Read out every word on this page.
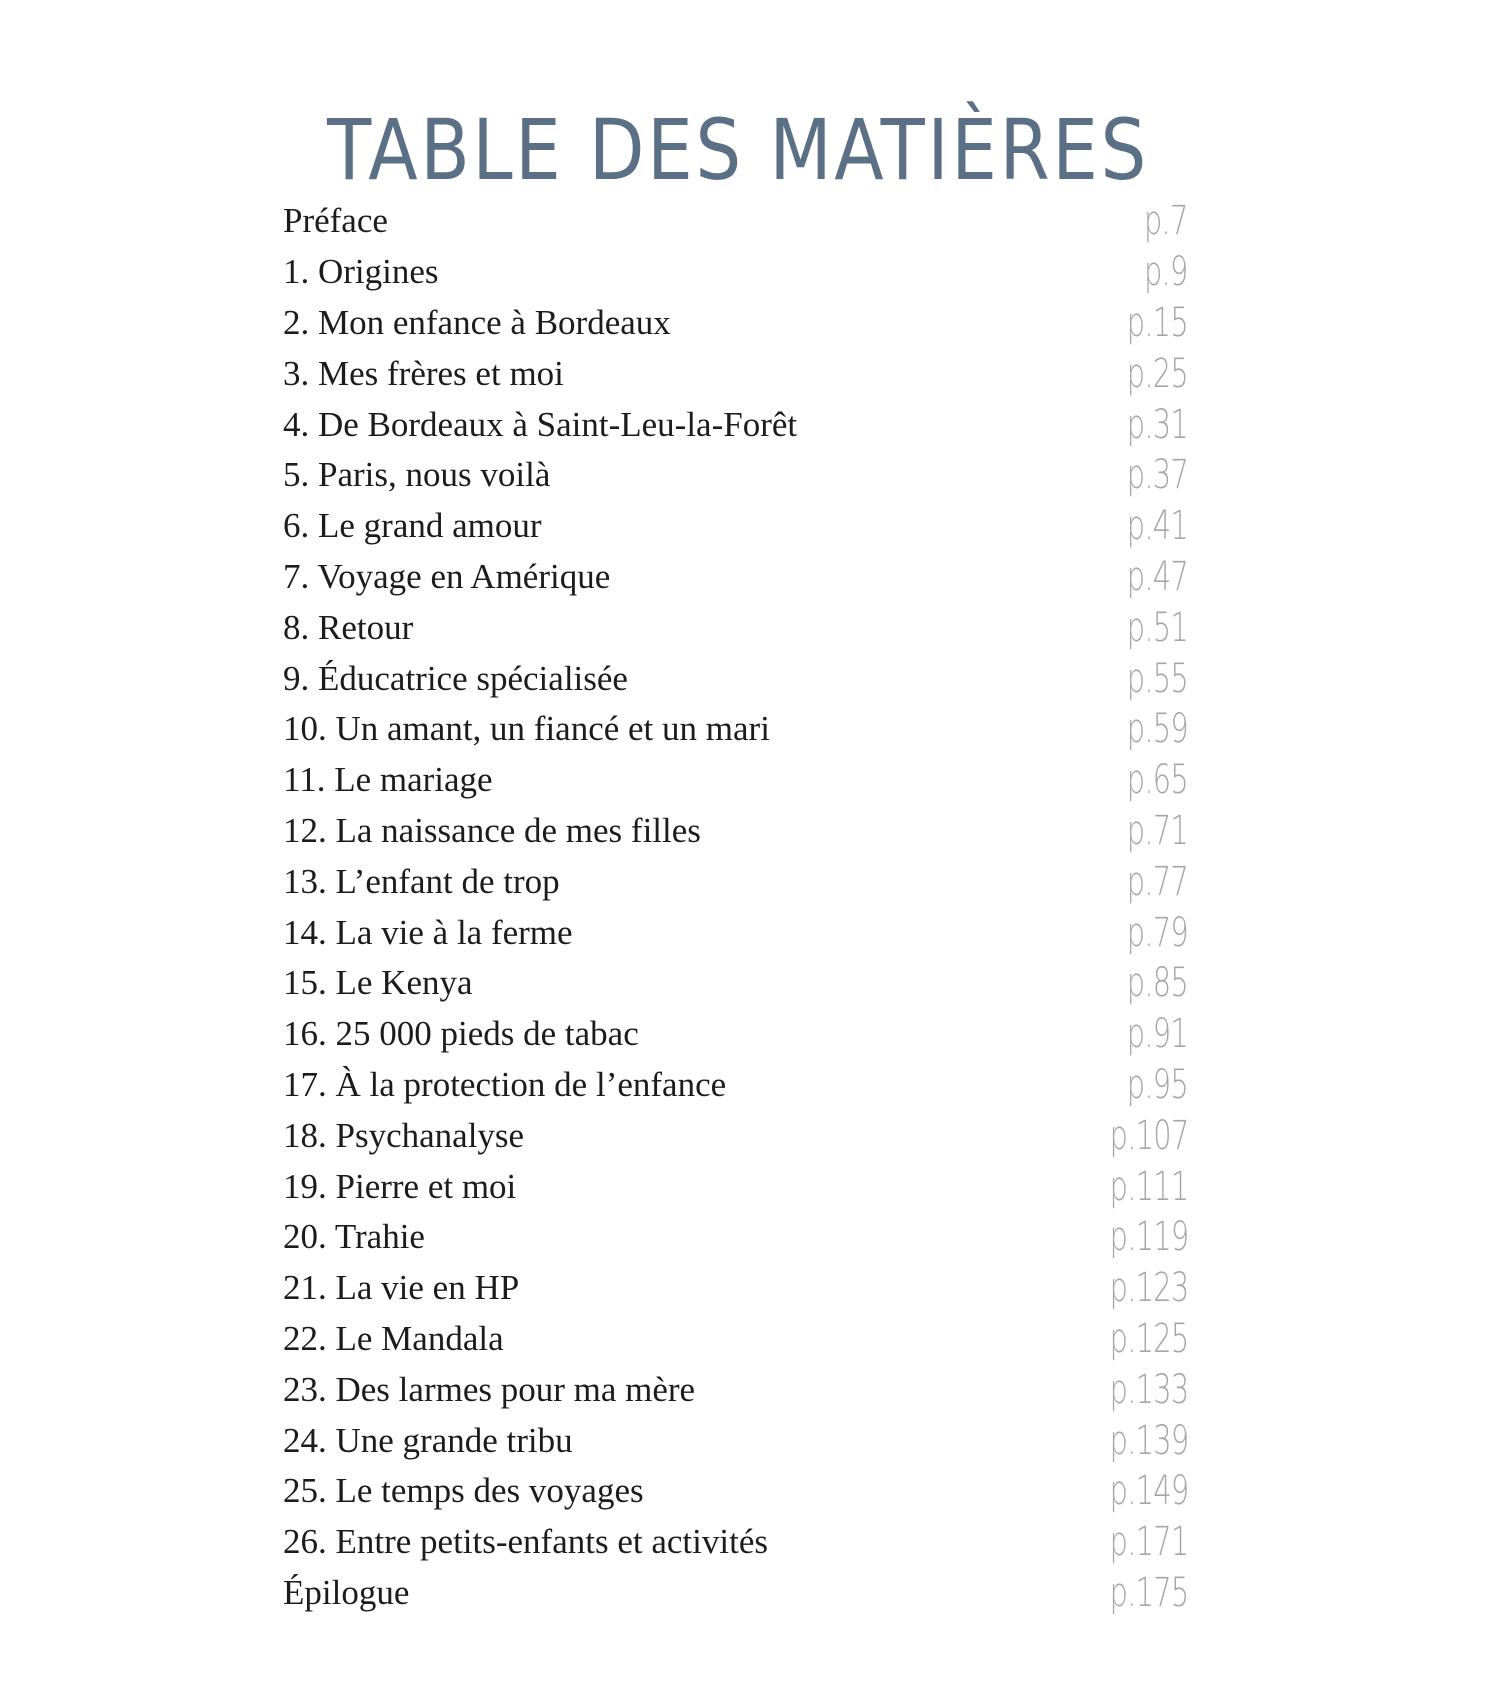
TABLE DES MATIÈRES
Préface	p.7
1. Origines	p.9
2. Mon enfance à Bordeaux	p.15
3. Mes frères et moi	p.25
4. De Bordeaux à Saint-Leu-la-Forêt	p.31
5. Paris, nous voilà	p.37
6. Le grand amour	p.41
7. Voyage en Amérique	p.47
8. Retour	p.51
9. Éducatrice spécialisée	p.55
10. Un amant, un fiancé et un mari	p.59
11. Le mariage	p.65
12. La naissance de mes filles	p.71
13. L’enfant de trop	p.77
14. La vie à la ferme	p.79
15. Le Kenya	p.85
16. 25 000 pieds de tabac	p.91
17. À la protection de l’enfance	p.95
18. Psychanalyse	p.107
19. Pierre et moi	p.111
20. Trahie	p.119
21. La vie en HP	p.123
22. Le Mandala	p.125
23. Des larmes pour ma mère	p.133
24. Une grande tribu	p.139
25. Le temps des voyages	p.149
26. Entre petits-enfants et activités	p.171
Épilogue	p.175
